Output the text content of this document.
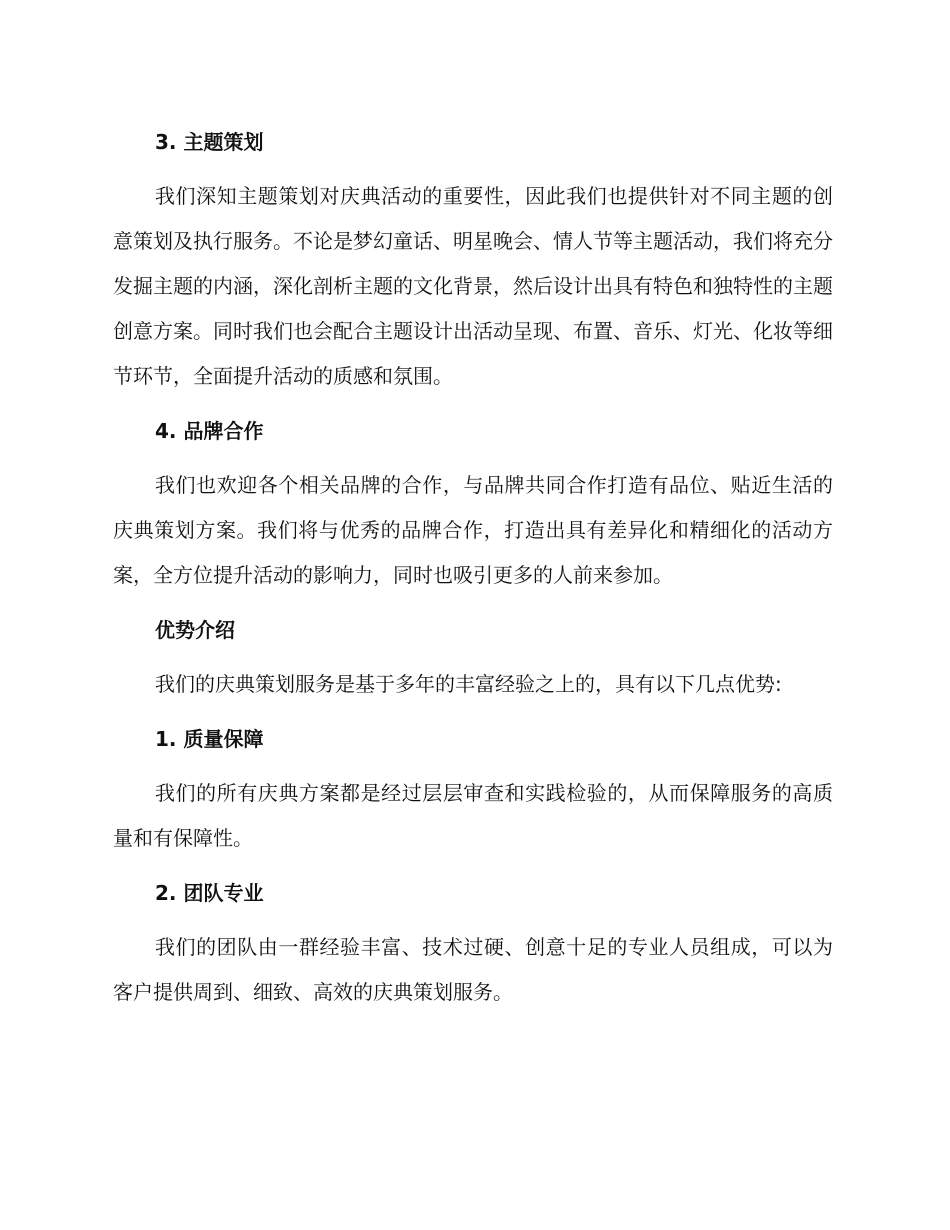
3. 主题策划

我们深知主题策划对庆典活动的重要性，因此我们也提供针对不同主题的创意策划及执行服务。不论是梦幻童话、明星晚会、情人节等主题活动，我们将充分发掘主题的内涵，深化剖析主题的文化背景，然后设计出具有特色和独特性的主题创意方案。同时我们也会配合主题设计出活动呈现、布置、音乐、灯光、化妆等细节环节，全面提升活动的质感和氛围。

4. 品牌合作

我们也欢迎各个相关品牌的合作，与品牌共同合作打造有品位、贴近生活的庆典策划方案。我们将与优秀的品牌合作，打造出具有差异化和精细化的活动方案，全方位提升活动的影响力，同时也吸引更多的人前来参加。

优势介绍

我们的庆典策划服务是基于多年的丰富经验之上的，具有以下几点优势:

1. 质量保障

我们的所有庆典方案都是经过层层审查和实践检验的，从而保障服务的高质量和有保障性。

2. 团队专业

我们的团队由一群经验丰富、技术过硬、创意十足的专业人员组成，可以为客户提供周到、细致、高效的庆典策划服务。
